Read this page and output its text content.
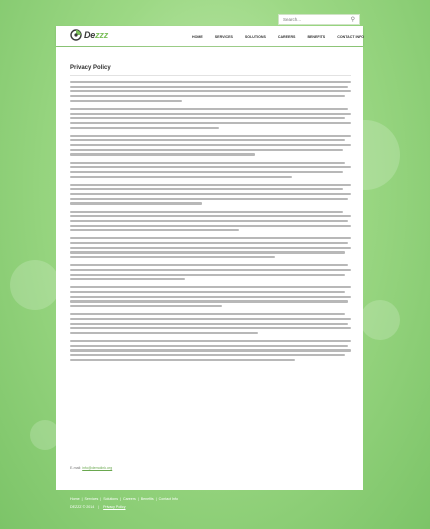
Search...
⚲
Dezzz	HOME	SERVICES	SOLUTIONS	CAREERS	BENEFITS	CONTACT INFO
Privacy Policy
E-mail: info@demolink.org
Home | Services | Solutions | Careers | Benefits | Contact Info
DEZZZ © 2014 | Privacy Policy
